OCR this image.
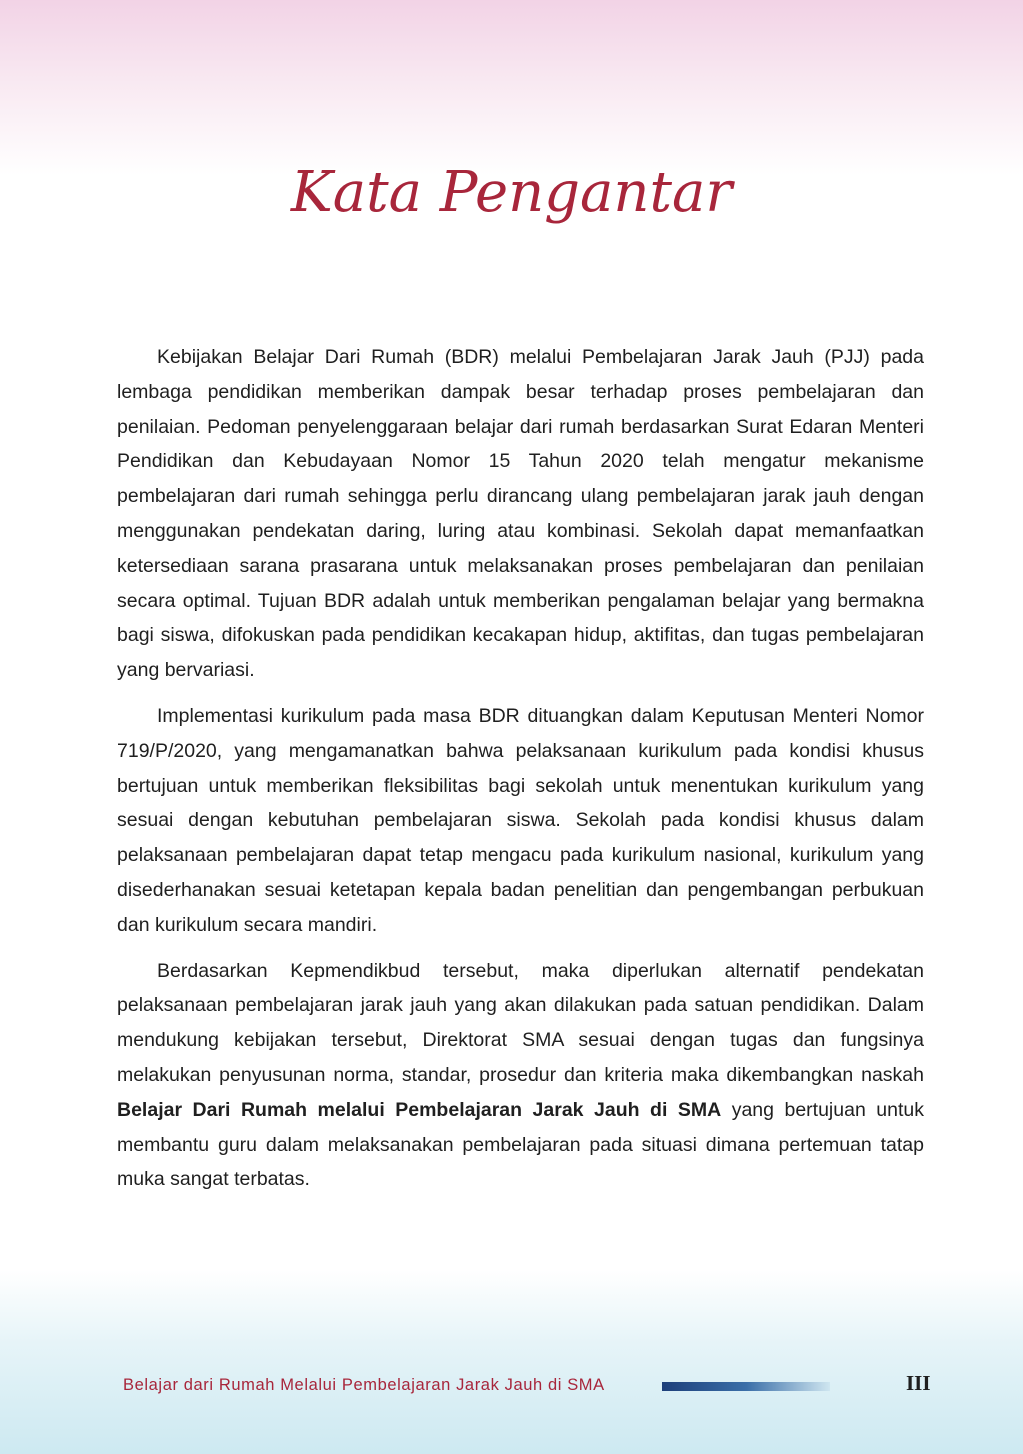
Kata Pengantar

Kebijakan Belajar Dari Rumah (BDR) melalui Pembelajaran Jarak Jauh (PJJ) pada lembaga pendidikan memberikan dampak besar terhadap proses pembelajaran dan penilaian. Pedoman penyelenggaraan belajar dari rumah berdasarkan Surat Edaran Menteri Pendidikan dan Kebudayaan Nomor 15 Tahun 2020 telah mengatur mekanisme pembelajaran dari rumah sehingga perlu dirancang ulang pembelajaran jarak jauh dengan menggunakan pendekatan daring, luring atau kombinasi. Sekolah dapat memanfaatkan ketersediaan sarana prasarana untuk melaksanakan proses pembelajaran dan penilaian secara optimal. Tujuan BDR adalah untuk memberikan pengalaman belajar yang bermakna bagi siswa, difokuskan pada pendidikan kecakapan hidup, aktifitas, dan tugas pembelajaran yang bervariasi.

Implementasi kurikulum pada masa BDR dituangkan dalam Keputusan Menteri Nomor 719/P/2020, yang mengamanatkan bahwa pelaksanaan kurikulum pada kondisi khusus bertujuan untuk memberikan fleksibilitas bagi sekolah untuk menentukan kurikulum yang sesuai dengan kebutuhan pembelajaran siswa. Sekolah pada kondisi khusus dalam pelaksanaan pembelajaran dapat tetap mengacu pada kurikulum nasional, kurikulum yang disederhanakan sesuai ketetapan kepala badan penelitian dan pengembangan perbukuan dan kurikulum secara mandiri.

Berdasarkan Kepmendikbud tersebut, maka diperlukan alternatif pendekatan pelaksanaan pembelajaran jarak jauh yang akan dilakukan pada satuan pendidikan. Dalam mendukung kebijakan tersebut, Direktorat SMA sesuai dengan tugas dan fungsinya melakukan penyusunan norma, standar, prosedur dan kriteria maka dikembangkan naskah Belajar Dari Rumah melalui Pembelajaran Jarak Jauh di SMA yang bertujuan untuk membantu guru dalam melaksanakan pembelajaran pada situasi dimana pertemuan tatap muka sangat terbatas.

Belajar dari Rumah Melalui Pembelajaran Jarak Jauh di SMA	III
